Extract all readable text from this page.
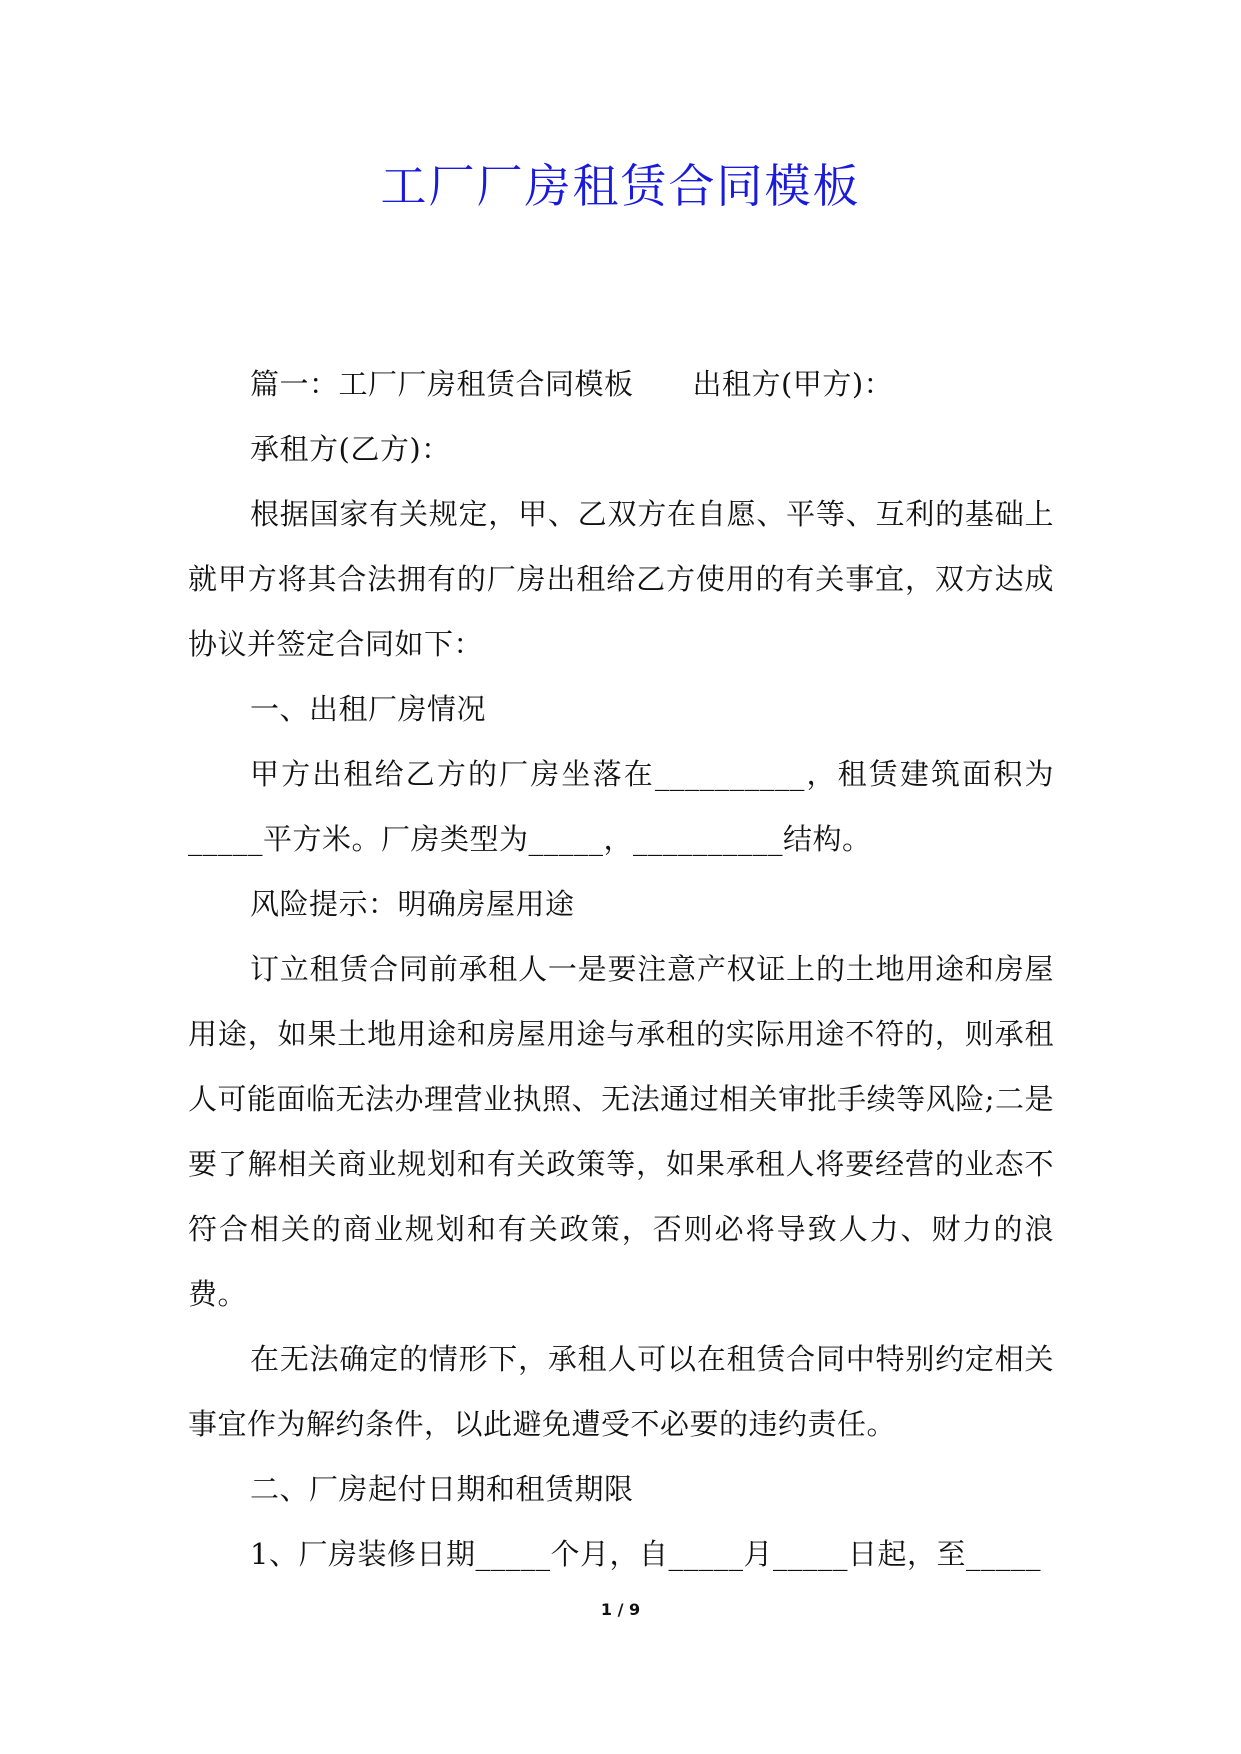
工厂厂房租赁合同模板

篇一：工厂厂房租赁合同模板　　出租方(甲方)：

承租方(乙方)：

根据国家有关规定，甲、乙双方在自愿、平等、互利的基础上就甲方将其合法拥有的厂房出租给乙方使用的有关事宜，双方达成协议并签定合同如下：

一、出租厂房情况

甲方出租给乙方的厂房坐落在__________，租赁建筑面积为_____平方米。厂房类型为_____，__________结构。

风险提示：明确房屋用途

订立租赁合同前承租人一是要注意产权证上的土地用途和房屋用途，如果土地用途和房屋用途与承租的实际用途不符的，则承租人可能面临无法办理营业执照、无法通过相关审批手续等风险;二是要了解相关商业规划和有关政策等，如果承租人将要经营的业态不符合相关的商业规划和有关政策，否则必将导致人力、财力的浪费。

在无法确定的情形下，承租人可以在租赁合同中特别约定相关事宜作为解约条件，以此避免遭受不必要的违约责任。

二、厂房起付日期和租赁期限

1、厂房装修日期_____个月，自_____月_____日起，至_____

1 / 9
